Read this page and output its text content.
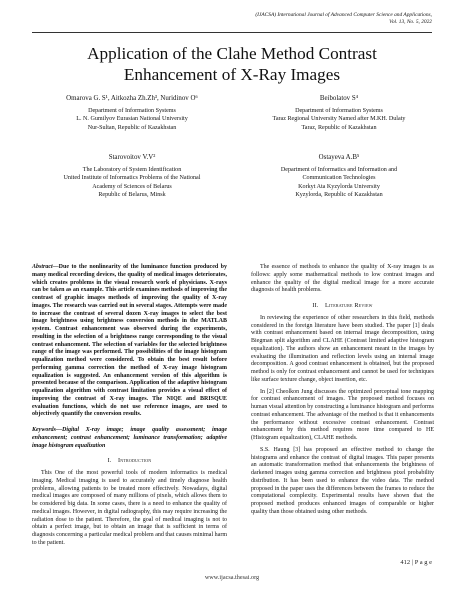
(IJACSA) International Journal of Advanced Computer Science and Applications,
Vol. 13, No. 5, 2022
Application of the Clahe Method Contrast
Enhancement of X-Ray Images
Omarova G. S¹, Aitkozha Zh.Zh³, Nuridinov O⁶
Department of Information Systems
L. N. Gumilyov Eurasian National University
Nur-Sultan, Republic of Kazakhstan
Beibolatov S⁴
Department of Information Systems
Taraz Regional University Named after M.KH. Dulaty
Taraz, Republic of Kazakhstan
Starovoitov V.V²
The Laboratory of System Identification
United Institute of Informatics Problems of the National
Academy of Sciences of Belarus
Republic of Belarus, Minsk
Ostayeva A.B⁵
Department of Informatics and Information and
Communication Technologies
Korkyt Ata Kyzylorda University
Kyzylorda, Republic of Kazakhstan
Abstract—Due to the nonlinearity of the luminance function produced by many medical recording devices, the quality of medical images deteriorates, which creates problems in the visual research work of physicians. X-rays can be taken as an example. This article examines methods of improving the contrast of graphic images methods of improving the quality of X-ray images. The research was carried out in several stages. Attempts were made to increase the contrast of several dozen X-ray images to select the best image brightness using brightness conversion methods in the MATLAB system. Contrast enhancement was observed during the experiments, resulting in the selection of a brightness range corresponding to the visual contrast enhancement. The selection of variables for the selected brightness range of the image was performed. The possibilities of the image histogram equalization method were considered. To obtain the best result before performing gamma correction the method of X-ray image histogram equalization is suggested. An enhancement version of this algorithm is presented because of the comparison. Application of the adaptive histogram equalization algorithm with contrast limitation provides a visual effect of improving the contrast of X-ray images. The NIQE and BRISQUE evaluation functions, which do not use reference images, are used to objectively quantify the conversion results.
Keywords—Digital X-ray image; image quality assessment; image enhancement; contrast enhancement; luminance transformation; adaptive image histogram equalization
I. Introduction

This One of the most powerful tools of modern informatics is medical imaging. Medical imaging is used to accurately and timely diagnose health problems, allowing patients to be treated more effectively. Nowadays, digital medical images are composed of many millions of pixels, which allows them to be considered big data. In some cases, there is a need to enhance the quality of medical images. However, in digital radiography, this may require increasing the radiation dose to the patient. Therefore, the goal of medical imaging is not to obtain a perfect image, but to obtain an image that is sufficient in terms of diagnosis concerning a particular medical problem and that causes minimal harm to the patient.

The essence of methods to enhance the quality of X-ray images is as follows: apply some mathematical methods to low contrast images and enhance the quality of the digital medical image for a more accurate diagnosis of health problems.

II. Literature Review

In reviewing the experience of other researchers in this field, methods considered in the foreign literature have been studied. The paper [1] deals with contrast enhancement based on internal image decomposition, using Biegman split algorithm and CLAHE (Contrast limited adaptive histogram equalization). The authors show an enhancement meant in the images by evaluating the illumination and reflection levels using an internal image decomposition. A good contrast enhancement is obtained, but the proposed method is only for contrast enhancement and cannot be used for techniques like surface texture change, object insertion, etc.

In [2] Cheolkon Jung discusses the optimized perceptual tone mapping for contrast enhancement of images. The proposed method focuses on human visual attention by constructing a luminance histogram and performs contrast enhancement. The advantage of the method is that it enhancements the performance without excessive contrast enhancement. Contrast enhancement by this method requires more time compared to HE (Histogram equalization), CLAHE methods.

S.S. Haung [3] has proposed an effective method to change the histograms and enhance the contrast of digital images. This paper presents an automatic transformation method that enhancements the brightness of darkened images using gamma correction and brightness pixel probability distribution. It has been used to enhance the video data. The method proposed in the paper uses the differences between the frames to reduce the computational complexity. Experimental results have shown that the proposed method produces enhanced images of comparable or higher quality than those obtained using other methods.

412 | P a g e
www.ijacsa.thesai.org
